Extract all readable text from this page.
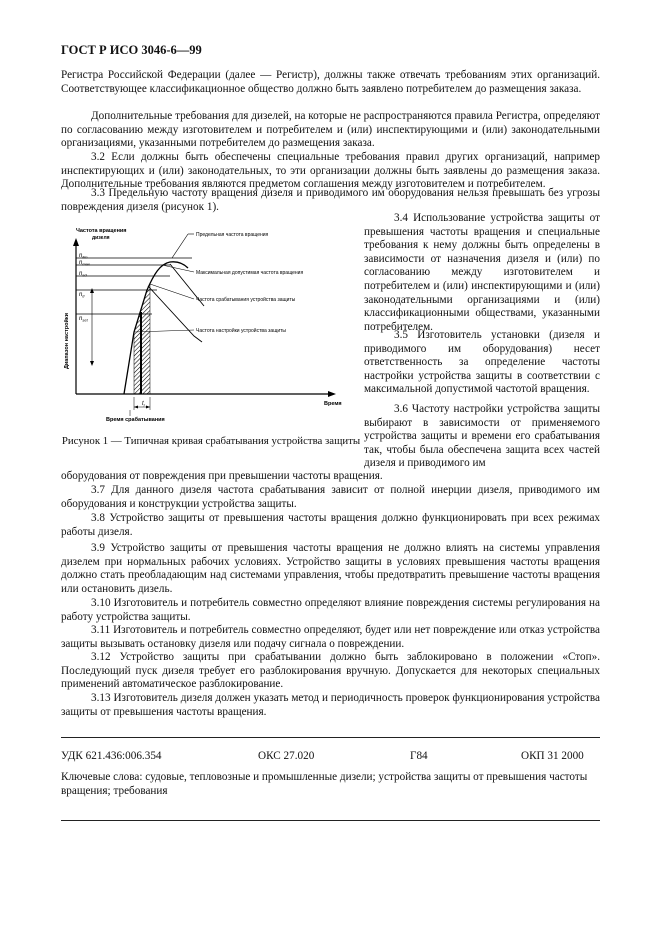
ГОСТ Р ИСО 3046-6—99

Регистра Российской Федерации (далее — Регистр), должны также отвечать требованиям этих организаций. Соответствующее классификационное общество должно быть заявлено потребителем до размещения заказа.

Дополнительные требования для дизелей, на которые не распространяются правила Регистра, определяют по согласованию между изготовителем и потребителем и (или) инспектирующими и (или) законодательными организациями, указанными потребителем до размещения заказа.

3.2 Если должны быть обеспечены специальные требования правил других организаций, например инспектирующих и (или) законодательных, то эти организации должны быть заявлены до размещения заказа. Дополнительные требования являются предметом соглашения между изготовителем и потребителем.

3.3 Предельную частоту вращения дизеля и приводимого им оборудования нельзя превышать без угрозы повреждения дизеля (рисунок 1).

Частота вращения
дизеля
Диапазон настройки
Время
$n_{lim}$
$n_{max}$
$n_{sd}$
$n_{tr}$
$n_{set}$
Предельная частота вращения
Максимальная допустимая частота вращения
Частота срабатывания устройства защиты
Частота настройки устройства защиты
$t_r$
Время срабатывания
Рисунок 1 — Типичная кривая срабатывания устройства защиты

3.4 Использование устройства защиты от превышения частоты вращения и специальные требования к нему должны быть определены в зависимости от назначения дизеля и (или) по согласованию между изготовителем и потребителем и (или) инспектирующими и (или) законодательными организациями и (или) классификационными обществами, указанными потребителем.

3.5 Изготовитель установки (дизеля и приводимого им оборудования) несет ответственность за определение частоты настройки устройства защиты в соответствии с максимальной допустимой частотой вращения.

3.6 Частоту настройки устройства защиты выбирают в зависимости от применяемого устройства защиты и времени его срабатывания так, чтобы была обеспечена защита всех частей дизеля и приводимого им

оборудования от повреждения при превышении частоты вращения.

3.7 Для данного дизеля частота срабатывания зависит от полной инерции дизеля, приводимого им оборудования и конструкции устройства защиты.

3.8 Устройство защиты от превышения частоты вращения должно функционировать при всех режимах работы дизеля.

3.9 Устройство защиты от превышения частоты вращения не должно влиять на системы управления дизелем при нормальных рабочих условиях. Устройство защиты в условиях превышения частоты вращения должно стать преобладающим над системами управления, чтобы предотвратить превышение частоты вращения или остановить дизель.

3.10 Изготовитель и потребитель совместно определяют влияние повреждения системы регулирования на работу устройства защиты.

3.11 Изготовитель и потребитель совместно определяют, будет или нет повреждение или отказ устройства защиты вызывать остановку дизеля или подачу сигнала о повреждении.

3.12 Устройство защиты при срабатывании должно быть заблокировано в положении «Стоп». Последующий пуск дизеля требует его разблокирования вручную. Допускается для некоторых специальных применений автоматическое разблокирование.

3.13 Изготовитель дизеля должен указать метод и периодичность проверок функционирования устройства защиты от превышения частоты вращения.

УДК 621.436:006.354	ОКС 27.020	Г84	ОКП 31 2000

Ключевые слова: судовые, тепловозные и промышленные дизели; устройства защиты от превышения частоты вращения; требования
